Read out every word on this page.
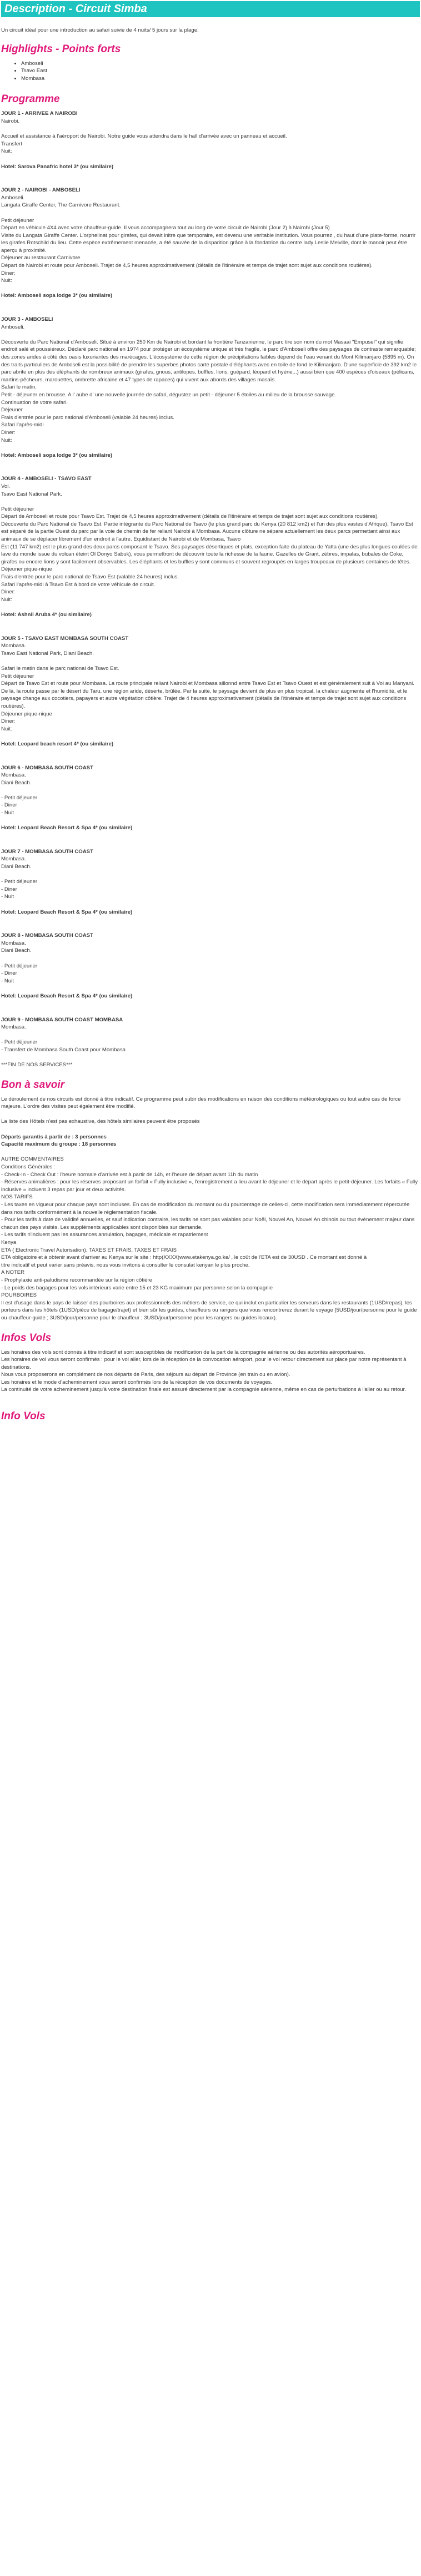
Description - Circuit Simba

Un circuit idéal pour une introduction au safari suivie de 4 nuits/ 5 jours sur la plage.

Highlights - Points forts
• Amboseli
• Tsavo East
• Mombasa
Programme

JOUR 1 - ARRIVEE A NAIROBI

Nairobi.

Accueil et assistance à l'aéroport de Nairobi. Notre guide vous attendra dans le hall d'arrivée avec un panneau et accueil.

Transfert

Nuit:

Hotel: Sarova Panafric hotel 3* (ou similaire)

JOUR 2 - NAIROBI - AMBOSELI

Amboseli.

Langata Giraffe Center, The Carnivore Restaurant.

Petit déjeuner

Départ en véhicule 4X4 avec votre chauffeur-guide. Il vous accompagnera tout au long de votre circuit de Nairobi (Jour 2) à Nairobi (Jour 5)

Visite du Langata Giraffe Center. L'orphelinat pour girafes, qui devait initre que temporaire, est devenu une veritable institution. Vous pourrez , du haut d'une plate-forme, nourrir les girafes Rotschild du lieu. Cette espèce extrêmement menacée, a été sauvée de la disparition grâce à la fondatrice du centre lady Leslie Melville, dont le manoir peut être aperçu à proximité.

Déjeuner au restaurant Carnivore

Départ de Nairobi et route pour Amboseli. Trajet de 4,5 heures approximativement (détails de l'itinéraire et temps de trajet sont sujet aux conditions routières).

Diner:

Nuit:

Hotel: Amboseli sopa lodge 3* (ou similaire)

JOUR 3 - AMBOSELI

Amboseli.

Découverte du Parc National d'Amboseli. Situé à environ 250 Km de Nairobi et bordant la frontière Tanzanienne, le parc tire son nom du mot Masaai "Empusel" qui signifie endroit salé et poussiéreux. Déclaré parc national en 1974 pour protéger un écosystème unique et très fragile, le parc d'Amboseli offre des paysages de contraste remarquable; des zones arides à côté des oasis luxuriantes des marécages. L'écosystème de cette région de précipitations faibles dépend de l'eau venant du Mont Kilimanjaro (5895 m). On des traits particuliers de Amboseli est la possibilité de prendre les superbes photos carte postale d'éléphants avec en toile de fond le Kilimanjaro. D'une superficie de 392 km2 le parc abrite en plus des éléphants de nombreux animaux (girafes, gnous, antilopes, buffles, lions, guépard, léopard et hyène...) aussi bien que 400 espèces d'oiseaux (pélicans, martins-pêcheurs, marouettes, ombrette africaine et 47 types de rapaces) qui vivent aux abords des villages masaïs.

Safari le matin.

Petit - déjeuner en brousse. A l' aube d' une nouvelle journée de safari, dégustez un petit - déjeuner 5 étoiles au milieu de la brousse sauvage.

Continuation de votre safari.

Déjeuner

Frais d'entrée pour le parc national d'Amboseli (valable 24 heures) inclus.

Safari l'après-midi

Diner:

Nuit:

Hotel: Amboseli sopa lodge 3* (ou similaire)

JOUR 4 - AMBOSELI - TSAVO EAST

Voi.

Tsavo East National Park.

Petit déjeuner

Départ de Amboseli et route pour Tsavo Est. Trajet de 4,5 heures approximativement (détails de l'itinéraire et temps de trajet sont sujet aux conditions routières).

Découverte du Parc National de Tsavo Est. Partie intégrante du Parc National de Tsavo (le plus grand parc du Kenya (20 812 km2) et l'un des plus vastes d'Afrique), Tsavo Est est séparé de la partie Ouest du parc par la voie de chemin de fer reliant Nairobi à Mombasa. Aucune clôture ne sépare actuellement les deux parcs permettant ainsi aux animaux de se déplacer librement d'un endroit à l'autre. Equidistant de Nairobi et de Mombasa, Tsavo

Est (11 747 km2) est le plus grand des deux parcs composant le Tsavo. Ses paysages désertiques et plats, exception faite du plateau de Yatta (une des plus longues coulées de lave du monde issue du volcan éteint Ol Donyo Sabuk), vous permettront de découvrir toute la richesse de la faune. Gazelles de Grant, zèbres, impalas, bubales de Coke, girafes ou encore lions y sont facilement observables. Les éléphants et les buffles y sont communs et souvent regroupés en larges troupeaux de plusieurs centaines de têtes.

Déjeuner pique-nique

Frais d'entrée pour le parc national de Tsavo Est (valable 24 heures) inclus.

Safari l'après-midi à Tsavo Est à bord de votre véhicule de circuit.

Diner:

Nuit:

Hotel: Ashnil Aruba 4* (ou similaire)

JOUR 5 - TSAVO EAST MOMBASA SOUTH COAST

Mombasa.

Tsavo East National Park, Diani Beach.

Safari le matin dans le parc national de Tsavo Est.

Petit déjeuner

Départ de Tsavo Est et route pour Mombasa. La route principale reliant Nairobi et Mombasa sillonnd entre Tsavo Est et Tsavo Ouest et est généralement suit à Voi au Manyani. De là, la route passe par le désert du Taru, une région aride, déserte, brûlée. Par la suite, le paysage devient de plus en plus tropical, la chaleur augmente et l'humidité, et le paysage change aux cocotiers, papayers et autre végétation côtière. Trajet de 4 heures approximativement (détails de l'itinéraire et temps de trajet sont sujet aux conditions routières).

Déjeuner pique-nique

Diner:

Nuit:

Hotel: Leopard beach resort 4* (ou similaire)

JOUR 6 - MOMBASA SOUTH COAST

Mombasa.

Diani Beach.

- Petit déjeuner

- Diner

- Nuit

Hotel: Leopard Beach Resort & Spa 4* (ou similaire)

JOUR 7 - MOMBASA SOUTH COAST

Mombasa.

Diani Beach.

- Petit déjeuner

- Diner

- Nuit

Hotel: Leopard Beach Resort & Spa 4* (ou similaire)

JOUR 8 - MOMBASA SOUTH COAST

Mombasa.

Diani Beach.

- Petit déjeuner

- Diner

- Nuit

Hotel: Leopard Beach Resort & Spa 4* (ou similaire)

JOUR 9 - MOMBASA SOUTH COAST MOMBASA

Mombasa.

- Petit déjeuner

- Transfert de Mombasa South Coast pour Mombasa

***FIN DE NOS SERVICES***

Bon à savoir

Le déroulement de nos circuits est donné à titre indicatif. Ce programme peut subir des modifications en raison des conditions météorologiques ou tout autre cas de force majeure. L'ordre des visites peut également être modifié.

La liste des Hôtels n'est pas exhaustive, des hôtels similaires peuvent être proposés

Départs garantis à partir de : 3 personnes

Capacité maximum du groupe : 18 personnes

AUTRE COMMENTAIRES

Conditions Générales :

- Check-In - Check Out : l'heure normale d'arrivée est à partir de 14h, et l'heure de départ avant 11h du matin

- Réserves animalières : pour les réserves proposant un forfait « Fully inclusive », l'enregistrement a lieu avant le déjeuner et le départ après le petit-déjeuner. Les forfaits « Fully inclusive » incluent 3 repas par jour et deux activités.

NOS TARIFS

- Les taxes en vigueur pour chaque pays sont incluses. En cas de modification du montant ou du pourcentage de celles-ci, cette modification sera immédiatement répercutée dans nos tarifs conformément à la nouvelle réglementation fiscale.

- Pour les tarifs à date de validité annuelles, et sauf indication contraire, les tarifs ne sont pas valables pour Noël, Nouvel An, Nouvel An chinois ou tout évènement majeur dans chacun des pays visités. Les suppléments applicables sont disponibles sur demande.

- Les tarifs n'incluent pas les assurances annulation, bagages, médicale et rapatriement

Kenya

ETA ( Electronic Travel Autorisation), TAXES ET FRAIS, TAXES ET FRAIS

ETA obligatoire et à obtenir avant d'arriver au Kenya sur le site : http(XXXX)www.etakenya.go.ke/ , le coût de l'ETA est de 30USD . Ce montant est donné à

titre indicatif et peut varier sans préavis, nous vous invitons à consulter le consulat kenyan le plus proche.

A NOTER

- Prophylaxie anti-paludisme recommandée sur la région côtière

- Le poids des bagages pour les vols intérieurs varie entre 15 et 23 KG maximum par personne selon la compagnie

POURBOIRES

Il est d'usage dans le pays de laisser des pourboires aux professionnels des métiers de service, ce qui inclut en particulier les serveurs dans les restaurants (1USD/repas), les porteurs dans les hôtels (1USD/pièce de bagage/trajet) et bien sûr les guides, chauffeurs ou rangers que vous rencontrerez durant le voyage (5USD/jour/personne pour le guide ou chauffeur-guide ; 3USD/jour/personne pour le chauffeur ; 3USD/jour/personne pour les rangers ou guides locaux).

Infos Vols

Les horaires des vols sont donnés à titre indicatif et sont susceptibles de modification de la part de la compagnie aérienne ou des autorités aéroportuaires.

Les horaires de vol vous seront confirmés : pour le vol aller, lors de la réception de la convocation aéroport, pour le vol retour directement sur place par notre représentant à destinations.

Nous vous proposerons en complément de nos départs de Paris, des séjours au départ de Province (en train ou en avion).

Les horaires et le mode d'acheminement vous seront confirmés lors de la réception de vos documents de voyages.

La continuité de votre acheminement jusqu'à votre destination finale est assuré directement par la compagnie aérienne, même en cas de perturbations à l'aller ou au retour.

Info Vols
